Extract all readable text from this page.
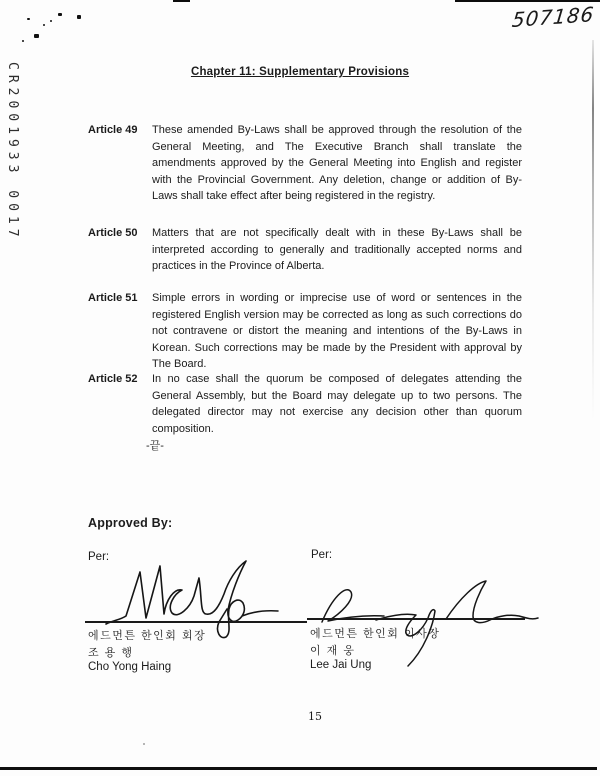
CR2001933 0017
507186
Chapter 11: Supplementary Provisions
Article 49	These amended By-Laws shall be approved through the resolution of the General Meeting, and The Executive Branch shall translate the amendments approved by the General Meeting into English and register with the Provincial Government. Any deletion, change or addition of By-Laws shall take effect after being registered in the registry.
Article 50	Matters that are not specifically dealt with in these By-Laws shall be interpreted according to generally and traditionally accepted norms and practices in the Province of Alberta.
Article 51	Simple errors in wording or imprecise use of word or sentences in the registered English version may be corrected as long as such corrections do not contravene or distort the meaning and intentions of the By-Laws in Korean. Such corrections may be made by the President with approval by The Board.
Article 52	In no case shall the quorum be composed of delegates attending the General Assembly, but the Board may delegate up to two persons. The delegated director may not exercise any decision other than quorum composition.
-끝-
Approved By:
Per:
에드먼튼 한인회 회장
조 용 행
Cho Yong Haing
Per:
에드먼튼 한인회 이사장
이 재 웅
Lee Jai Ung
15
